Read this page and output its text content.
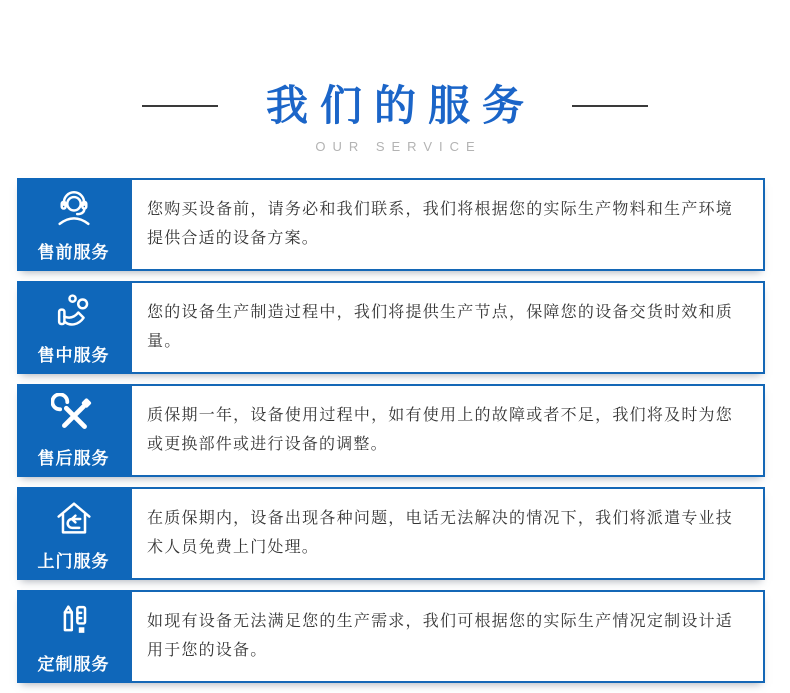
我们的服务
OUR SERVICE
售前服务
您购买设备前，请务必和我们联系，我们将根据您的实际生产物料和生产环境提供合适的设备方案。
售中服务
您的设备生产制造过程中，我们将提供生产节点，保障您的设备交货时效和质量。
售后服务
质保期一年，设备使用过程中，如有使用上的故障或者不足，我们将及时为您或更换部件或进行设备的调整。
上门服务
在质保期内，设备出现各种问题，电话无法解决的情况下，我们将派遣专业技术人员免费上门处理。
定制服务
如现有设备无法满足您的生产需求，我们可根据您的实际生产情况定制设计适用于您的设备。
